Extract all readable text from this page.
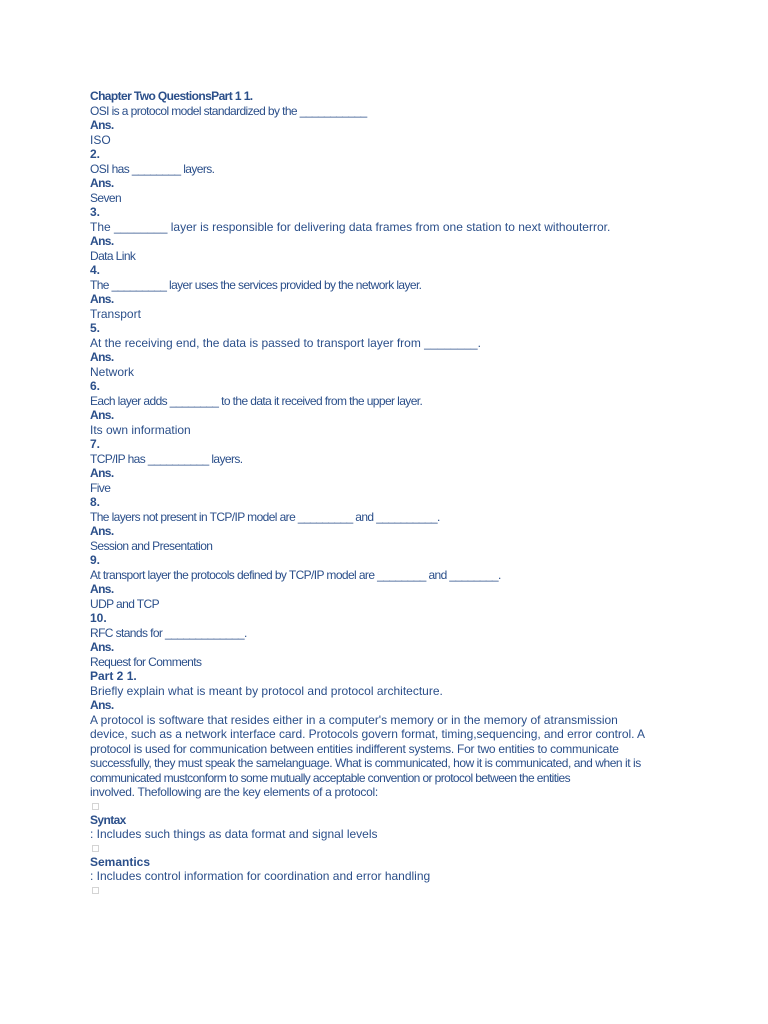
Chapter Two QuestionsPart 1 1.
OSI is a protocol model standardized by the ___________
Ans.
ISO
2.
OSI has ________ layers.
Ans.
Seven
3.
The ________ layer is responsible for delivering data frames from one station to next withouterror.
Ans.
Data Link
4.
The _________ layer uses the services provided by the network layer.
Ans.
Transport
5.
At the receiving end, the data is passed to transport layer from ________.
Ans.
Network
6.
Each layer adds ________ to the data it received from the upper layer.
Ans.
Its own information
7.
TCP/IP has __________ layers.
Ans.
Five
8.
The layers not present in TCP/IP model are _________ and __________.
Ans.
Session and Presentation
9.
At transport layer the protocols defined by TCP/IP model are ________ and ________.
Ans.
UDP and TCP
10.
RFC stands for _____________.
Ans.
Request for Comments
Part 2 1.
Briefly explain what is meant by protocol and protocol architecture.
Ans.
A protocol is software that resides either in a computer's memory or in the memory of atransmission
device, such as a network interface card. Protocols govern format, timing,sequencing, and error control. A
protocol is used for communication between entities indifferent systems. For two entities to communicate
successfully, they must speak the samelanguage. What is communicated, how it is communicated, and when it is
communicated mustconform to some mutually acceptable convention or protocol between the entities
involved. Thefollowing are the key elements of a protocol:
Syntax
: Includes such things as data format and signal levels
Semantics
: Includes control information for coordination and error handling
